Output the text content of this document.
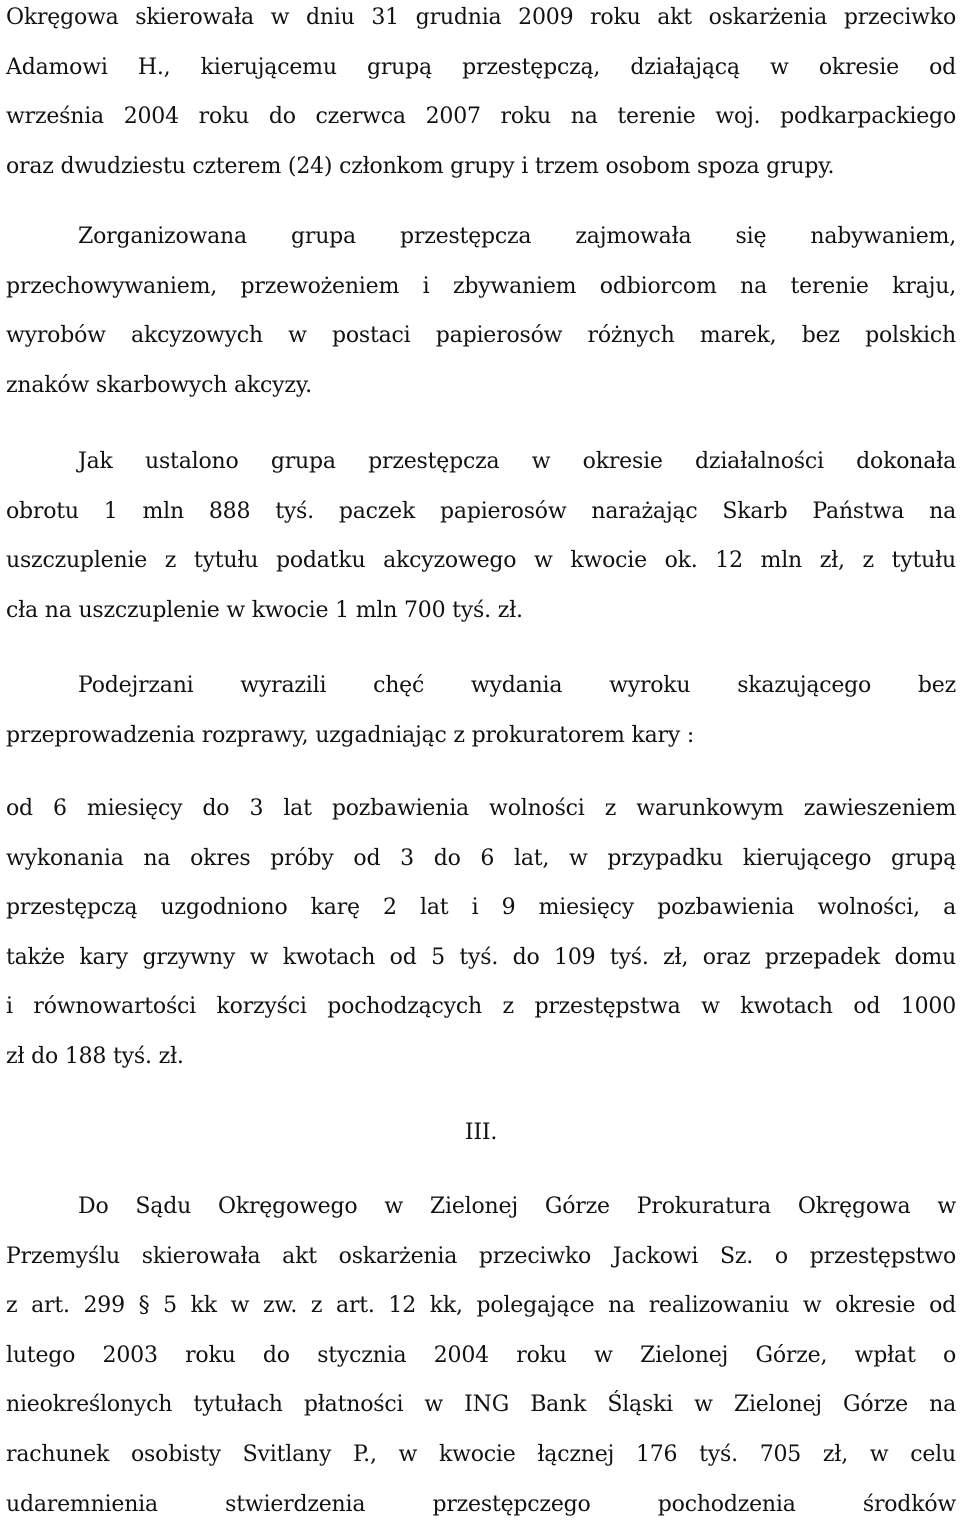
Okręgowa skierowała w dniu 31 grudnia 2009 roku akt oskarżenia przeciwko
Adamowi H., kierującemu grupą przestępczą, działającą w okresie od
września 2004 roku do czerwca 2007 roku na terenie woj. podkarpackiego
oraz dwudziestu czterem (24) członkom grupy i trzem osobom spoza grupy.
Zorganizowana grupa przestępcza zajmowała się nabywaniem,
przechowywaniem, przewożeniem i zbywaniem odbiorcom na terenie kraju,
wyrobów akcyzowych w postaci papierosów różnych marek, bez polskich
znaków skarbowych akcyzy.
Jak ustalono grupa przestępcza w okresie działalności dokonała
obrotu 1 mln 888 tyś. paczek papierosów narażając Skarb Państwa na
uszczuplenie z tytułu podatku akcyzowego w kwocie ok. 12 mln zł, z tytułu
cła na uszczuplenie w kwocie 1 mln 700 tyś. zł.
Podejrzani wyrazili chęć wydania wyroku skazującego bez
przeprowadzenia rozprawy, uzgadniając z prokuratorem kary :
od 6 miesięcy do 3 lat pozbawienia wolności z warunkowym zawieszeniem
wykonania na okres próby od 3 do 6 lat, w przypadku kierującego grupą
przestępczą uzgodniono karę 2 lat i 9 miesięcy pozbawienia wolności, a
także kary grzywny w kwotach od 5 tyś. do 109 tyś. zł, oraz przepadek domu
i równowartości korzyści pochodzących z przestępstwa w kwotach od 1000
zł do 188 tyś. zł.
III.
Do Sądu Okręgowego w Zielonej Górze Prokuratura Okręgowa w
Przemyślu skierowała akt oskarżenia przeciwko Jackowi Sz. o przestępstwo
z art. 299 § 5 kk w zw. z art. 12 kk, polegające na realizowaniu w okresie od
lutego 2003 roku do stycznia 2004 roku w Zielonej Górze, wpłat o
nieokreślonych tytułach płatności w ING Bank Śląski w Zielonej Górze na
rachunek osobisty Svitlany P., w kwocie łącznej 176 tyś. 705 zł, w celu
udaremnienia stwierdzenia przestępczego pochodzenia środków
